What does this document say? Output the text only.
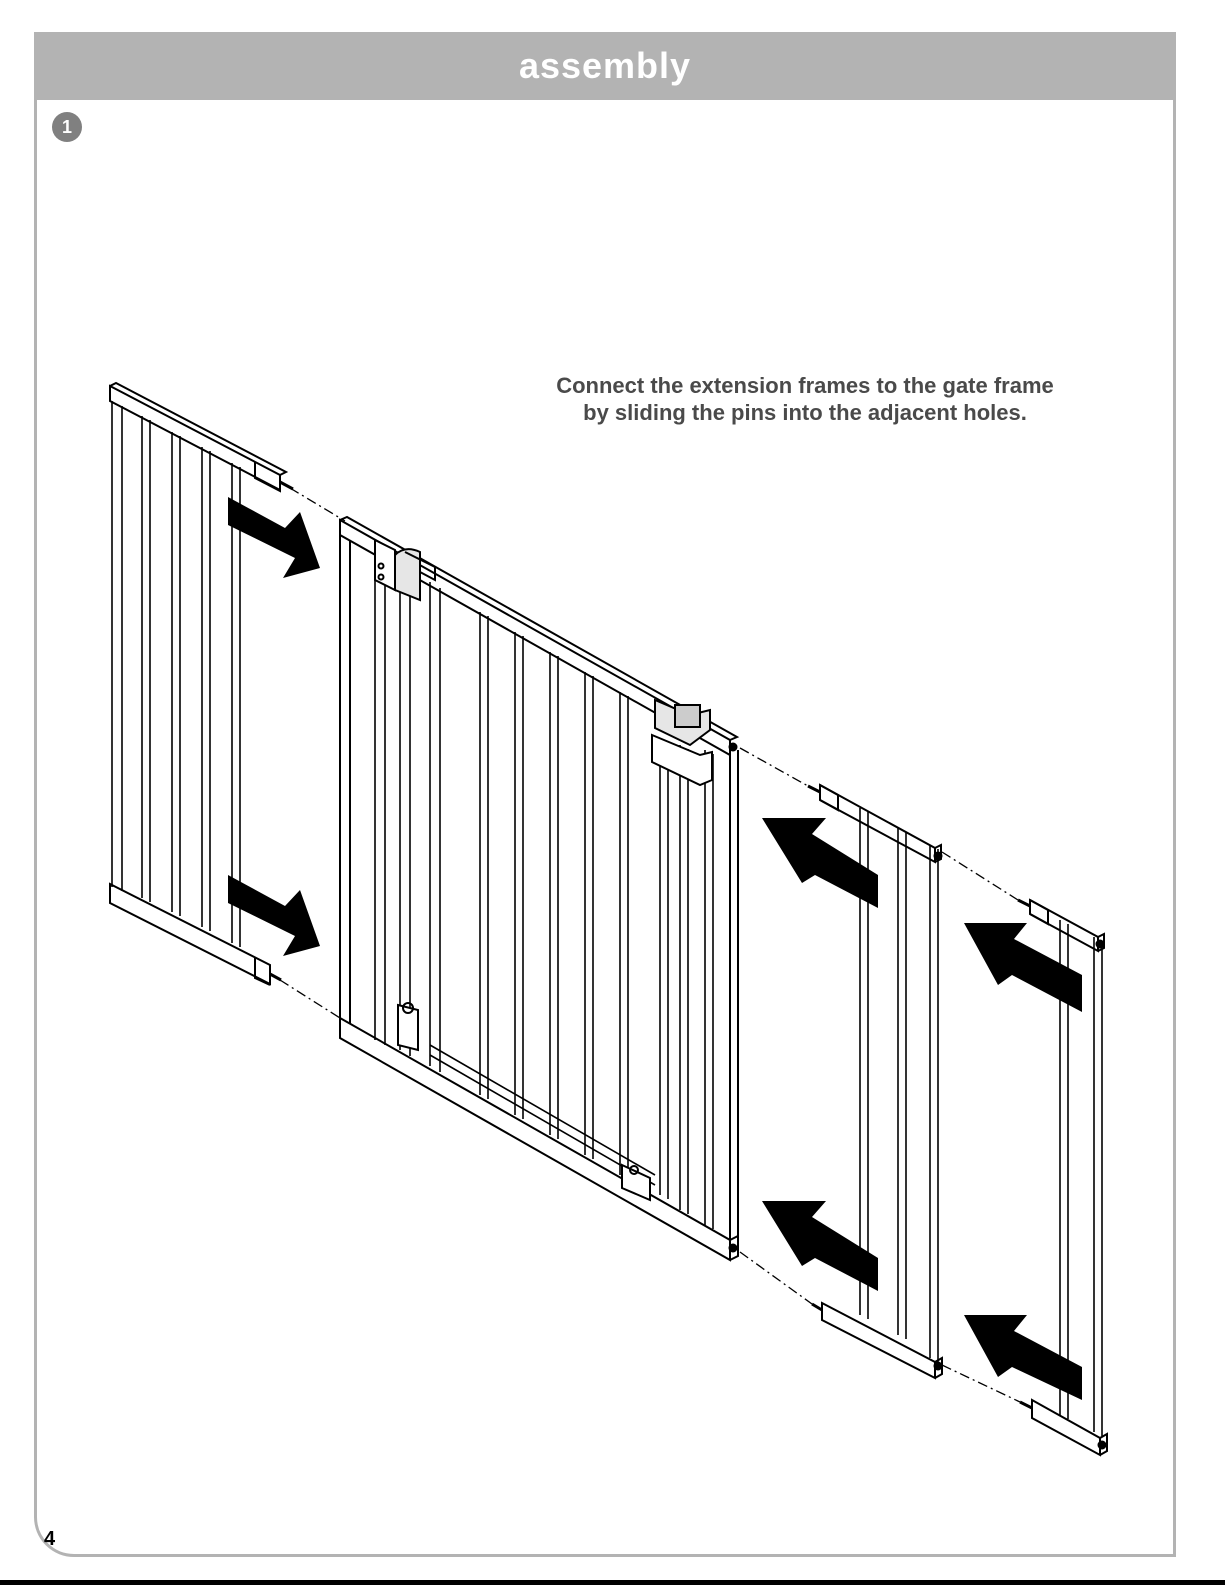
assembly
1
Connect the extension frames to the gate frame
by sliding the pins into the adjacent holes.
4
